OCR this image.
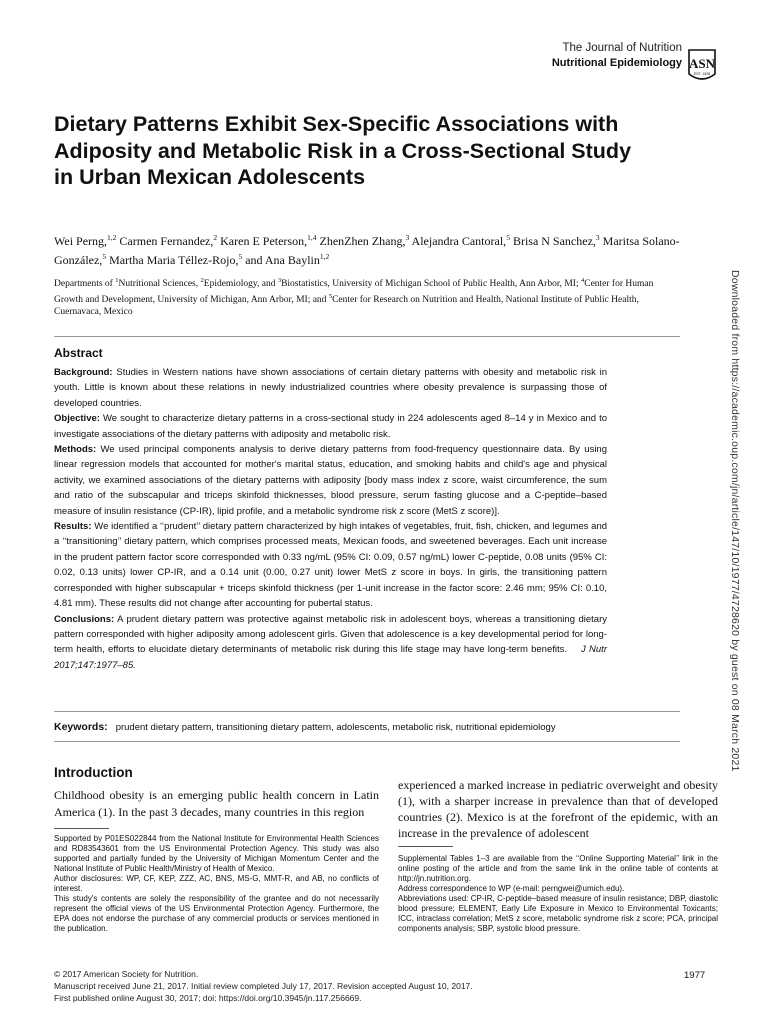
The Journal of Nutrition
Nutritional Epidemiology ASN
EST. 1928
Dietary Patterns Exhibit Sex-Specific Associations with Adiposity and Metabolic Risk in a Cross-Sectional Study in Urban Mexican Adolescents
Wei Perng,$^{1,2}$ Carmen Fernandez,$^2$ Karen E Peterson,$^{1,4}$ ZhenZhen Zhang,$^3$ Alejandra Cantoral,$^5$ Brisa N Sanchez,$^3$ Maritsa Solano-González,$^5$ Martha Maria Téllez-Rojo,$^5$ and Ana Baylin$^{1,2}$
Departments of $^1$Nutritional Sciences, $^2$Epidemiology, and $^3$Biostatistics, University of Michigan School of Public Health, Ann Arbor, MI; $^4$Center for Human Growth and Development, University of Michigan, Ann Arbor, MI; and $^5$Center for Research on Nutrition and Health, National Institute of Public Health, Cuernavaca, Mexico
Abstract

Background: Studies in Western nations have shown associations of certain dietary patterns with obesity and metabolic risk in youth. Little is known about these relations in newly industrialized countries where obesity prevalence is surpassing those of developed countries.

Objective: We sought to characterize dietary patterns in a cross-sectional study in 224 adolescents aged 8–14 y in Mexico and to investigate associations of the dietary patterns with adiposity and metabolic risk.

Methods: We used principal components analysis to derive dietary patterns from food-frequency questionnaire data. By using linear regression models that accounted for mother's marital status, education, and smoking habits and child's age and physical activity, we examined associations of the dietary patterns with adiposity [body mass index z score, waist circumference, the sum and ratio of the subscapular and triceps skinfold thicknesses, blood pressure, serum fasting glucose and a C-peptide–based measure of insulin resistance (CP-IR), lipid profile, and a metabolic syndrome risk z score (MetS z score)].

Results: We identified a ‘‘prudent’’ dietary pattern characterized by high intakes of vegetables, fruit, fish, chicken, and legumes and a ‘‘transitioning’’ dietary pattern, which comprises processed meats, Mexican foods, and sweetened beverages. Each unit increase in the prudent pattern factor score corresponded with 0.33 ng/mL (95% CI: 0.09, 0.57 ng/mL) lower C-peptide, 0.08 units (95% CI: 0.02, 0.13 units) lower CP-IR, and a 0.14 unit (0.00, 0.27 unit) lower MetS z score in boys. In girls, the transitioning pattern corresponded with higher subscapular + triceps skinfold thickness (per 1-unit increase in the factor score: 2.46 mm; 95% CI: 0.10, 4.81 mm). These results did not change after accounting for pubertal status.

Conclusions: A prudent dietary pattern was protective against metabolic risk in adolescent boys, whereas a transitioning dietary pattern corresponded with higher adiposity among adolescent girls. Given that adolescence is a key developmental period for long-term health, efforts to elucidate dietary determinants of metabolic risk during this life stage may have long-term benefits. J Nutr 2017;147:1977–85.

Keywords: prudent dietary pattern, transitioning dietary pattern, adolescents, metabolic risk, nutritional epidemiology
Introduction

Childhood obesity is an emerging public health concern in Latin America (1). In the past 3 decades, many countries in this region

experienced a marked increase in pediatric overweight and obesity (1), with a sharper increase in prevalence than that of developed countries (2). Mexico is at the forefront of the epidemic, with an increase in the prevalence of adolescent

Supported by P01ES022844 from the National Institute for Environmental Health Sciences and RD83543601 from the US Environmental Protection Agency. This study was also supported and partially funded by the University of Michigan Momentum Center and the National Institute of Public Health/Ministry of Health of Mexico.

Author disclosures: WP, CF, KEP, ZZZ, AC, BNS, MS-G, MMT-R, and AB, no conflicts of interest.

This study's contents are solely the responsibility of the grantee and do not necessarily represent the official views of the US Environmental Protection Agency. Furthermore, the EPA does not endorse the purchase of any commercial products or services mentioned in the publication.

Supplemental Tables 1–3 are available from the ‘‘Online Supporting Material’’ link in the online posting of the article and from the same link in the online table of contents at http://jn.nutrition.org.

Address correspondence to WP (e-mail: perngwei@umich.edu).

Abbreviations used: CP-IR, C-peptide–based measure of insulin resistance; DBP, diastolic blood pressure; ELEMENT, Early Life Exposure in Mexico to Environmental Toxicants; ICC, intraclass correlation; MetS z score, metabolic syndrome risk z score; PCA, principal components analysis; SBP, systolic blood pressure.

© 2017 American Society for Nutrition.

Manuscript received June 21, 2017. Initial review completed July 17, 2017. Revision accepted August 10, 2017.

First published online August 30, 2017; doi: https://doi.org/10.3945/jn.117.256669.

1977
Downloaded from https://academic.oup.com/jn/article/147/10/1977/4728620 by guest on 08 March 2021
